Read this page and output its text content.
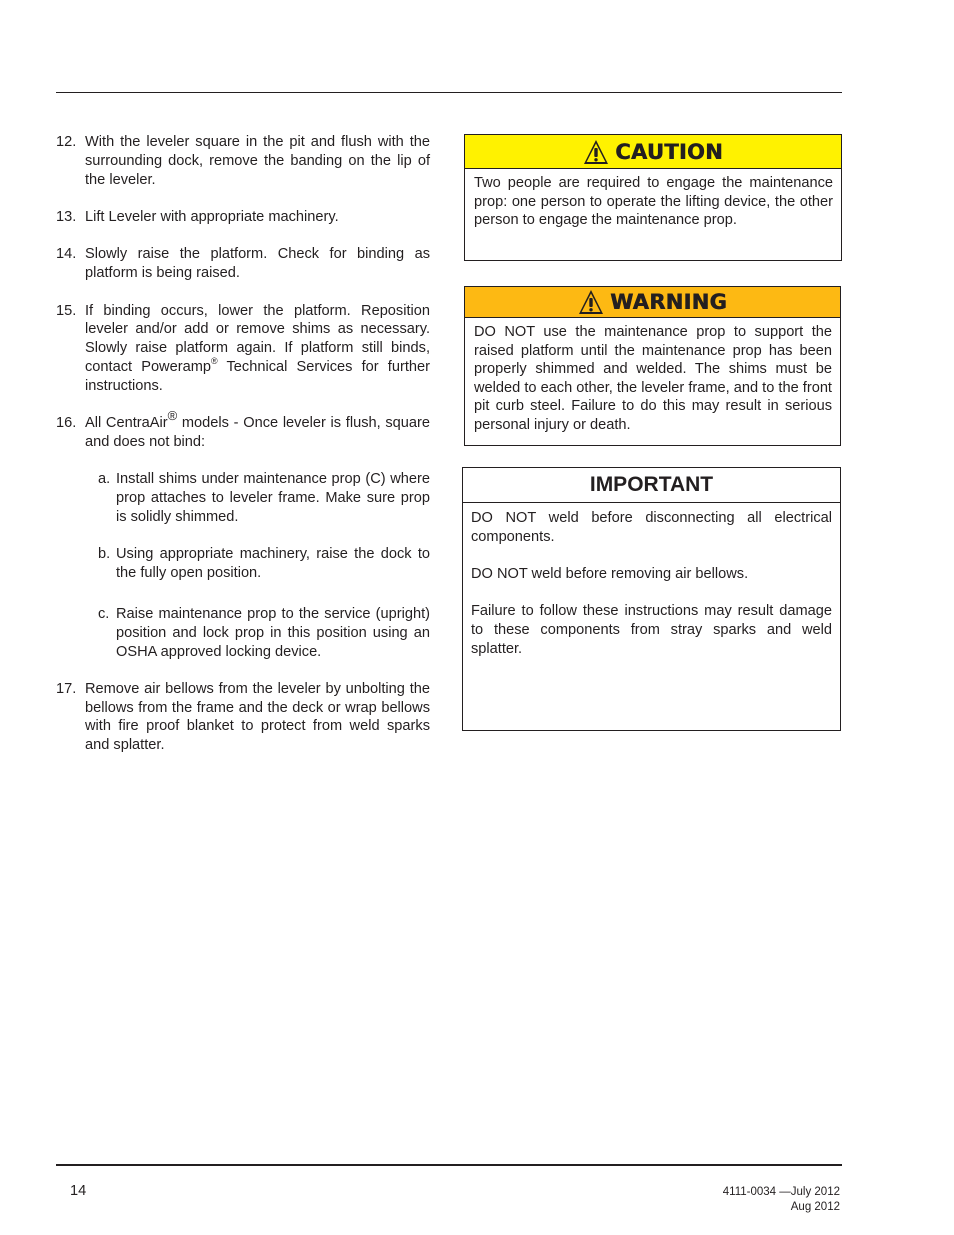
12. With the leveler square in the pit and flush with the surrounding dock, remove the banding on the lip of the leveler.
13. Lift Leveler with appropriate machinery.
14. Slowly raise the platform. Check for binding as platform is being raised.
15. If binding occurs, lower the platform. Reposition leveler and/or add or remove shims as necessary. Slowly raise platform again. If platform still binds, contact Poweramp® Technical Services for further instructions.
16. All CentraAir® models - Once leveler is flush, square and does not bind:
a. Install shims under maintenance prop (C) where prop attaches to leveler frame. Make sure prop is solidly shimmed.
b. Using appropriate machinery, raise the dock to the fully open position.
c. Raise maintenance prop to the service (upright) position and lock prop in this position using an OSHA approved locking device.
17. Remove air bellows from the leveler by unbolting the bellows from the frame and the deck or wrap bellows with fire proof blanket to protect from weld sparks and splatter.
CAUTION
Two people are required to engage the maintenance prop: one person to operate the lifting device, the other person to engage the maintenance prop.
WARNING
DO NOT use the maintenance prop to support the raised platform until the maintenance prop has been properly shimmed and welded. The shims must be welded to each other, the leveler frame, and to the front pit curb steel. Failure to do this may result in serious personal injury or death.
IMPORTANT

DO NOT weld before disconnecting all electrical components.

DO NOT weld before removing air bellows.

Failure to follow these instructions may result damage to these components from stray sparks and weld splatter.

14	4111-0034 —July 2012
Aug 2012
